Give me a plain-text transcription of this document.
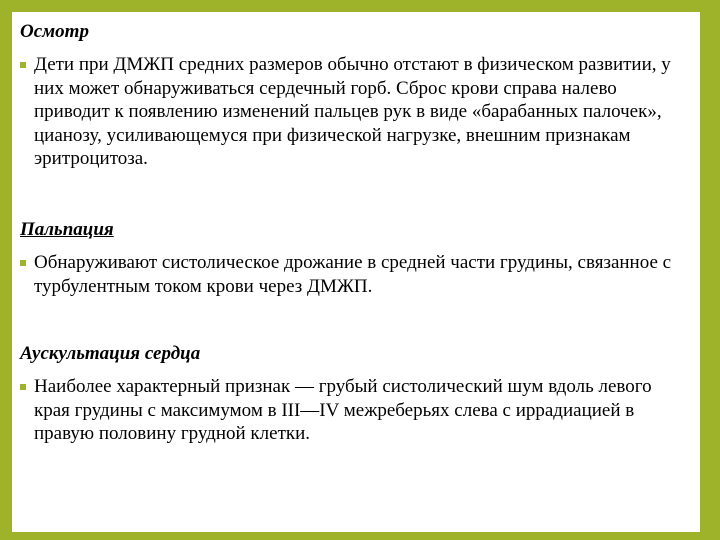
Осмотр
Дети при ДМЖП средних размеров обычно отстают в физическом развитии, у них может обнаруживаться сердечный горб. Сброс крови справа налево приводит к появлению изменений пальцев рук в виде «барабанных палочек», цианозу, усиливающемуся при физической нагрузке, внешним признакам эритроцитоза.
Пальпация
Обнаруживают систолическое дрожание в средней части грудины, связанное с турбулентным током крови через ДМЖП.
Аускультация сердца
Наиболее характерный признак — грубый систолический шум вдоль левого края грудины с максимумом в III—IV межреберьях слева с иррадиацией в правую половину грудной клетки.
